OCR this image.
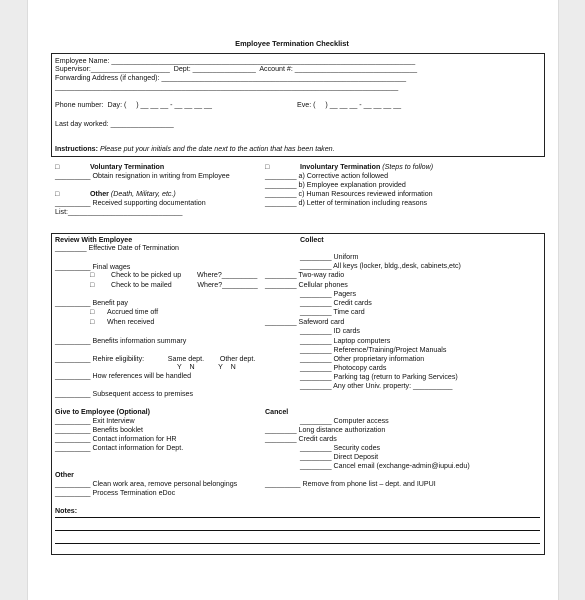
Employee Termination Checklist
Employee Name: _____________________________________________________________________________
Supervisor:____________________  Dept: ________________  Account #: _______________________________
Forwarding Address (if changed): ______________________________________________________________
_______________________________________________________________________________________
Phone number:  Day: (     ) __ __ __ - __ __ __ __	Eve: (     ) __ __ __ - __ __ __ __
Last day worked: ________________
Instructions: Please put your initials and the date next to the action that has been taken.
□	Voluntary Termination
_________ Obtain resignation in writing from Employee
□	Other (Death, Military, etc.)
_________ Received supporting documentation
List:_____________________________
□	Involuntary Termination (Steps to follow)
________ a) Corrective action followed
________ b) Employee explanation provided
________ c) Human Resources reviewed information
________ d) Letter of termination including reasons
Review With Employee
________ Effective Date of Termination
_________ Final wages
□ Check to be picked up        Where?_________
□ Check to be mailed             Where?_________
_________ Benefit pay
□ Accrued time off
□ When received
_________ Benefits information summary
_________ Rehire eligibility:            Same dept.        Other dept.
Y    N            Y    N
_________ How references will be handled
_________ Subsequent access to premises
Collect
________ Uniform
________ All keys (locker, bldg.,desk, cabinets,etc)
________ Two-way radio
________ Cellular phones
________ Pagers
________ Credit cards
________ Time card
________ Safeword card
________ ID cards
________ Laptop computers
________ Reference/Training/Project Manuals
________ Other proprietary information
________ Photocopy cards
________ Parking tag (return to Parking Services)
________ Any other Univ. property: __________
Give to Employee (Optional)
_________ Exit Interview
_________ Benefits booklet
_________ Contact information for HR
_________ Contact information for Dept.
Cancel
________ Computer access
________ Long distance authorization
________ Credit cards
________ Security codes
________ Direct Deposit
________ Cancel email (exchange-admin@iupui.edu)
Other
_________ Clean work area, remove personal belongings
_________ Process Termination eDoc
_________ Remove from phone list – dept. and IUPUI
Notes:
